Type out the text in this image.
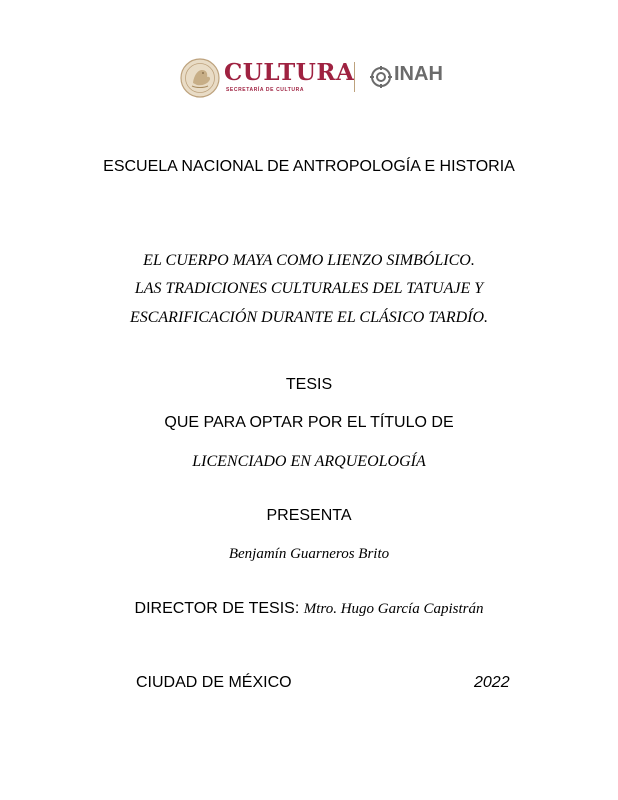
CULTURA
SECRETARÍA DE CULTURA
INAH
ESCUELA NACIONAL DE ANTROPOLOGÍA E HISTORIA
EL CUERPO MAYA COMO LIENZO SIMBÓLICO.
LAS TRADICIONES CULTURALES DEL TATUAJE Y
ESCARIFICACIÓN DURANTE EL CLÁSICO TARDÍO.
TESIS
QUE PARA OPTAR POR EL TÍTULO DE
LICENCIADO EN ARQUEOLOGÍA
PRESENTA
Benjamín Guarneros Brito
DIRECTOR DE TESIS: Mtro. Hugo García Capistrán
CIUDAD DE MÉXICO	2022
